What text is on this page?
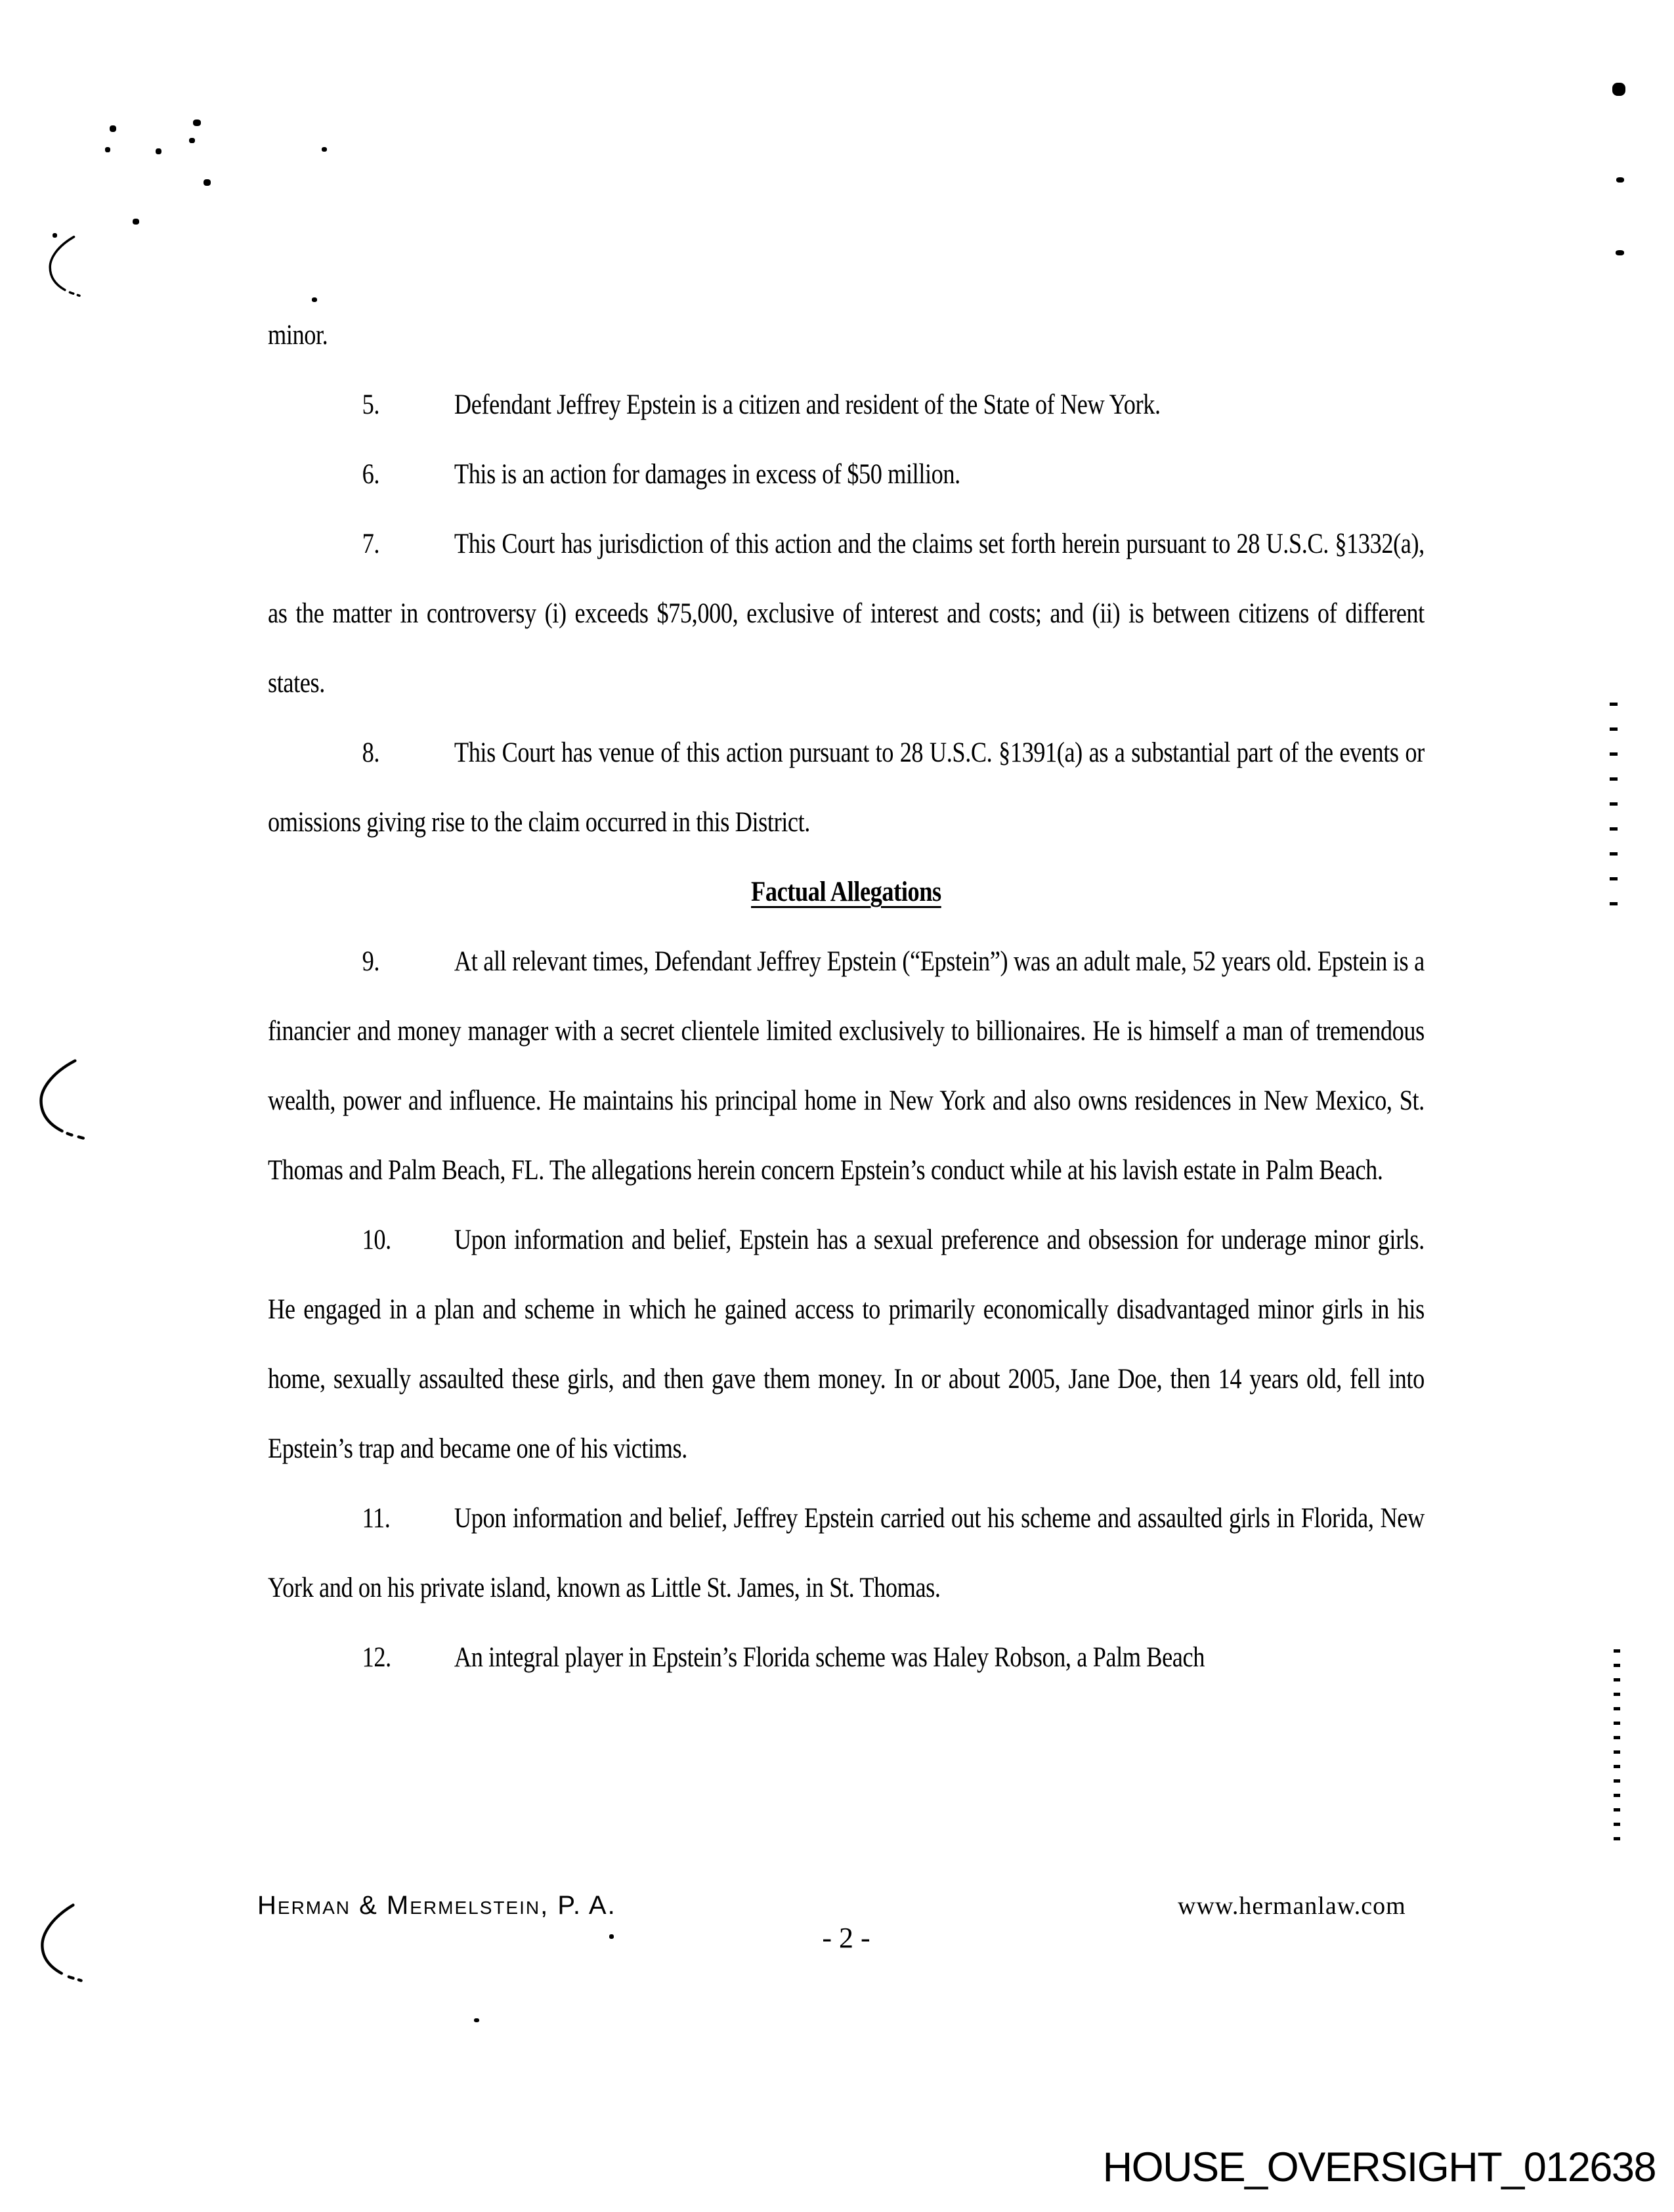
minor.

5.	Defendant Jeffrey Epstein is a citizen and resident of the State of New York.

6.	This is an action for damages in excess of $50 million.

7.	This Court has jurisdiction of this action and the claims set forth herein pursuant to 28 U.S.C. §1332(a), as the matter in controversy (i) exceeds $75,000, exclusive of interest and costs; and (ii) is between citizens of different states.

8.	This Court has venue of this action pursuant to 28 U.S.C. §1391(a) as a substantial part of the events or omissions giving rise to the claim occurred in this District.

Factual Allegations

9.	At all relevant times, Defendant Jeffrey Epstein (“Epstein”) was an adult male, 52 years old. Epstein is a financier and money manager with a secret clientele limited exclusively to billionaires. He is himself a man of tremendous wealth, power and influence. He maintains his principal home in New York and also owns residences in New Mexico, St. Thomas and Palm Beach, FL. The allegations herein concern Epstein’s conduct while at his lavish estate in Palm Beach.

10. Upon information and belief, Epstein has a sexual preference and obsession for underage minor girls. He engaged in a plan and scheme in which he gained access to primarily economically disadvantaged minor girls in his home, sexually assaulted these girls, and then gave them money. In or about 2005, Jane Doe, then 14 years old, fell into Epstein’s trap and became one of his victims.

11. Upon information and belief, Jeffrey Epstein carried out his scheme and assaulted girls in Florida, New York and on his private island, known as Little St. James, in St. Thomas.

12. An integral player in Epstein’s Florida scheme was Haley Robson, a Palm Beach

Herman & Mermelstein, P. A.	www.hermanlaw.com
- 2 -
HOUSE_OVERSIGHT_012638
